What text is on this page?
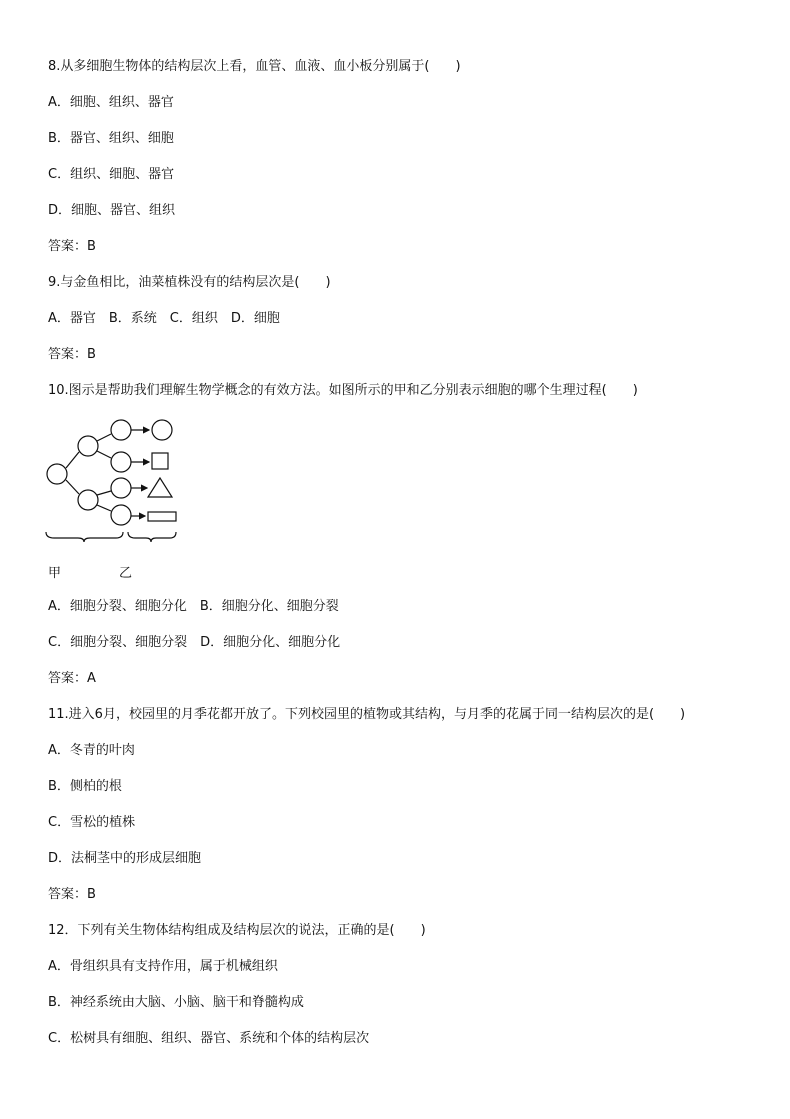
8.从多细胞生物体的结构层次上看，血管、血液、血小板分别属于(　　)
A．细胞、组织、器官
B．器官、组织、细胞
C．组织、细胞、器官
D．细胞、器官、组织
答案：B
9.与金鱼相比，油菜植株没有的结构层次是(　　)
A．器官　B．系统　C．组织　D．细胞
答案：B
10.图示是帮助我们理解生物学概念的有效方法。如图所示的甲和乙分别表示细胞的哪个生理过程(　　)
甲	乙
A．细胞分裂、细胞分化　B．细胞分化、细胞分裂
C．细胞分裂、细胞分裂　D．细胞分化、细胞分化
答案：A
11.进入6月，校园里的月季花都开放了。下列校园里的植物或其结构，与月季的花属于同一结构层次的是(　　)
A．冬青的叶肉
B．侧柏的根
C．雪松的植株
D．法桐茎中的形成层细胞
答案：B
12．下列有关生物体结构组成及结构层次的说法，正确的是(　　)
A．骨组织具有支持作用，属于机械组织
B．神经系统由大脑、小脑、脑干和脊髓构成
C．松树具有细胞、组织、器官、系统和个体的结构层次
